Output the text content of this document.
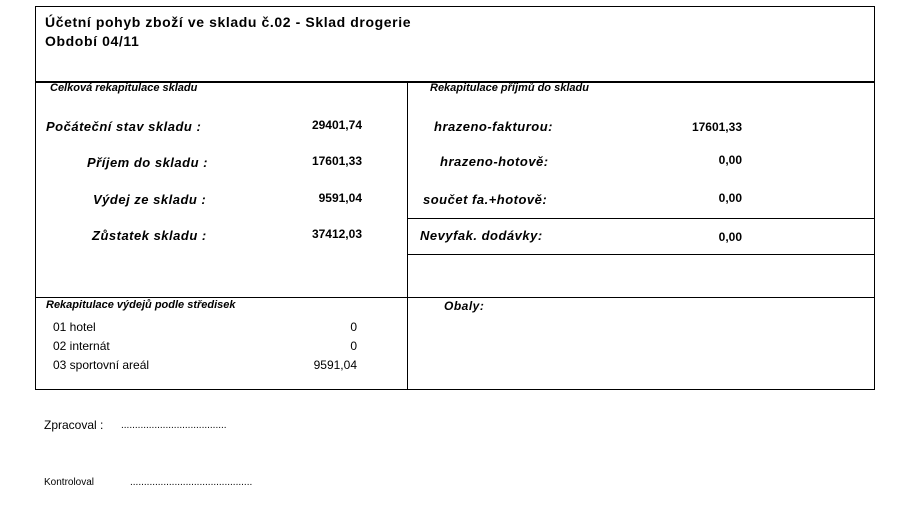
Účetní pohyb zboží ve skladu č.02 - Sklad drogerie
Období 04/11
Celková rekapitulace skladu
Počáteční stav skladu :	29401,74
Příjem do skladu :	17601,33
Výdej ze skladu :	9591,04
Zůstatek skladu :	37412,03
Rekapitulace příjmů do skladu
hrazeno-fakturou:	17601,33
hrazeno-hotově:	0,00
součet fa.+hotově:	0,00
Nevyfak. dodávky:	0,00
Rekapitulace výdejů podle středisek
01 hotel	0
02 internát	0
03 sportovní areál	9591,04
Obaly:
Zpracoval : ......................................
Kontroloval	............................................
